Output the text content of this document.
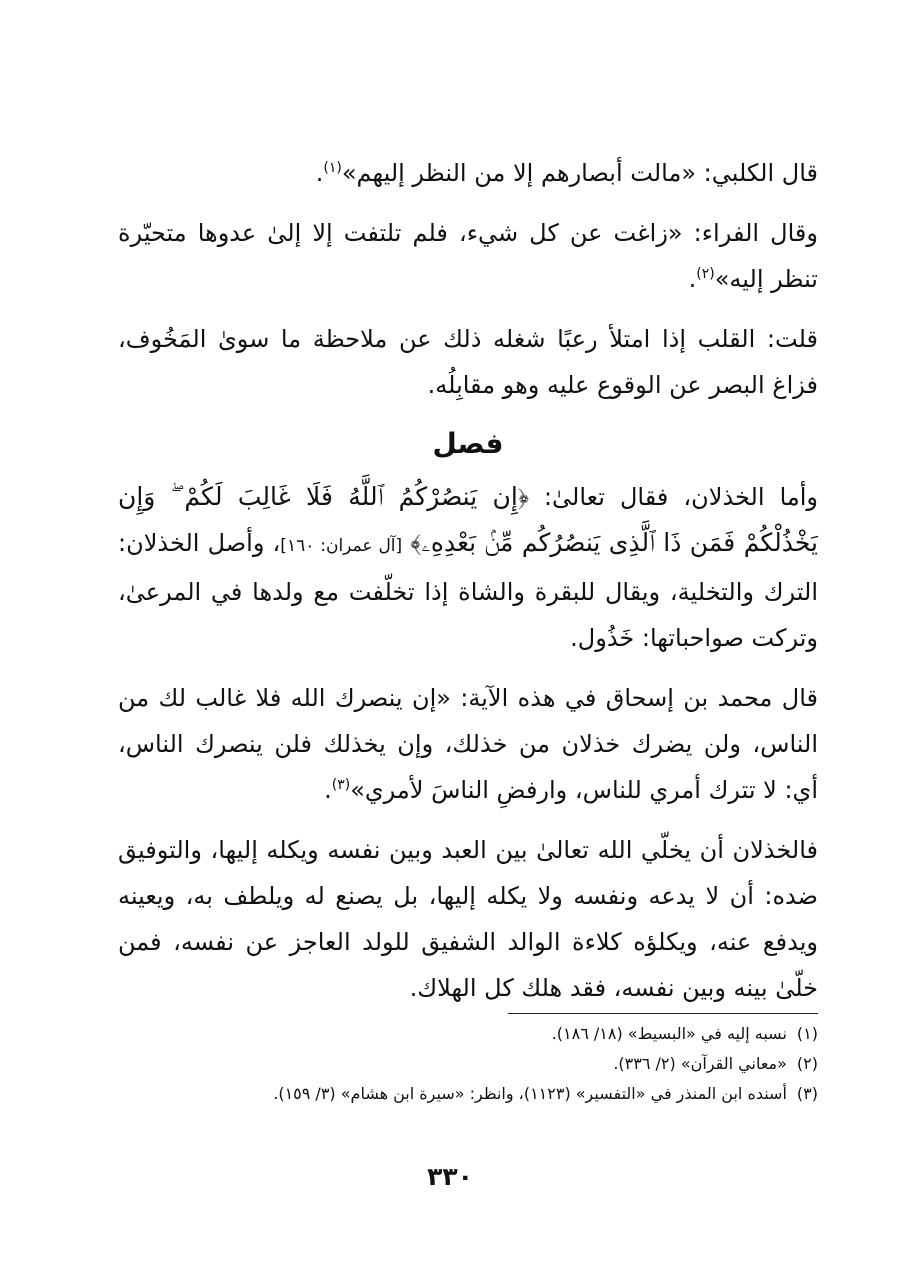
قال الكلبي: «مالت أبصارهم إلا من النظر إليهم»$^{(١)}$.

وقال الفراء: «زاغت عن كل شيء، فلم تلتفت إلا إلىٰ عدوها متحيّرة تنظر إليه»$^{(٢)}$.

قلت: القلب إذا امتلأ رعبًا شغله ذلك عن ملاحظة ما سوىٰ المَخُوف، فزاغ البصر عن الوقوع عليه وهو مقابِلُه.

فصل

وأما الخذلان، فقال تعالىٰ: ﴿إِن يَنصُرْكُمُ ٱللَّهُ فَلَا غَالِبَ لَكُمْ ۖ وَإِن يَخْذُلْكُمْ فَمَن ذَا ٱلَّذِى يَنصُرُكُم مِّنۢ بَعْدِهِۦ﴾ [آل عمران: ١٦٠]، وأصل الخذلان: الترك والتخلية، ويقال للبقرة والشاة إذا تخلّفت مع ولدها في المرعىٰ، وتركت صواحباتها: خَذُول.

قال محمد بن إسحاق في هذه الآية: «إن ينصرك الله فلا غالب لك من الناس، ولن يضرك خذلان من خذلك، وإن يخذلك فلن ينصرك الناس، أي: لا تترك أمري للناس، وارفضِ الناسَ لأمري»$^{(٣)}$.

فالخذلان أن يخلّي الله تعالىٰ بين العبد وبين نفسه ويكله إليها، والتوفيق ضده: أن لا يدعه ونفسه ولا يكله إليها، بل يصنع له ويلطف به، ويعينه ويدفع عنه، ويكلؤه كلاءة الوالد الشفيق للولد العاجز عن نفسه، فمن خلّىٰ بينه وبين نفسه، فقد هلك كل الهلاك.

(١)نسبه إليه في «البسيط» (١٨/ ١٨٦).

(٢)«معاني القرآن» (٢/ ٣٣٦).

(٣)أسنده ابن المنذر في «التفسير» (١١٢٣)، وانظر: «سيرة ابن هشام» (٣/ ١٥٩).

٣٣٠
